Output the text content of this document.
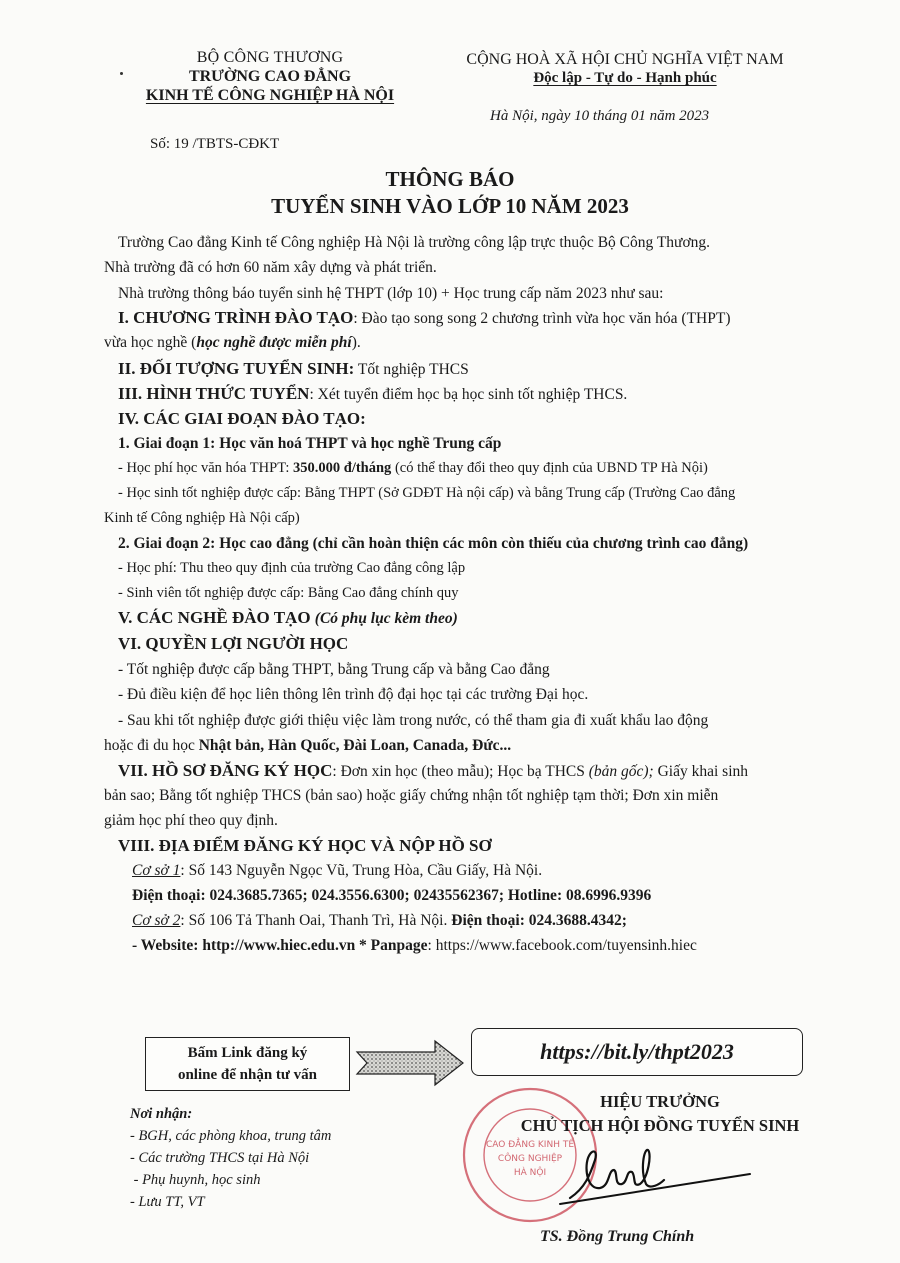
BỘ CÔNG THƯƠNG
TRƯỜNG CAO ĐẲNG
KINH TẾ CÔNG NGHIỆP HÀ NỘI
Số: 19 /TBTS-CĐKT
CỘNG HOÀ XÃ HỘI CHỦ NGHĨA VIỆT NAM
Độc lập - Tự do - Hạnh phúc
Hà Nội, ngày 10 tháng 01 năm 2023
THÔNG BÁO
TUYỂN SINH VÀO LỚP 10 NĂM 2023
Trường Cao đẳng Kinh tế Công nghiệp Hà Nội là trường công lập trực thuộc Bộ Công Thương.
Nhà trường đã có hơn 60 năm xây dựng và phát triển.
Nhà trường thông báo tuyển sinh hệ THPT (lớp 10) + Học trung cấp năm 2023 như sau:
I. CHƯƠNG TRÌNH ĐÀO TẠO: Đào tạo song song 2 chương trình vừa học văn hóa (THPT)
vừa học nghề (học nghề được miễn phí).
II. ĐỐI TƯỢNG TUYỂN SINH: Tốt nghiệp THCS
III. HÌNH THỨC TUYỂN: Xét tuyển điểm học bạ học sinh tốt nghiệp THCS.
IV. CÁC GIAI ĐOẠN ĐÀO TẠO:
1. Giai đoạn 1: Học văn hoá THPT và học nghề Trung cấp
- Học phí học văn hóa THPT: 350.000 đ/tháng (có thể thay đổi theo quy định của UBND TP Hà Nội)
- Học sinh tốt nghiệp được cấp: Bằng THPT (Sở GDĐT Hà nội cấp) và bằng Trung cấp (Trường Cao đẳng
Kinh tế Công nghiệp Hà Nội cấp)
2. Giai đoạn 2: Học cao đẳng (chỉ cần hoàn thiện các môn còn thiếu của chương trình cao đẳng)
- Học phí: Thu theo quy định của trường Cao đẳng công lập
- Sinh viên tốt nghiệp được cấp: Bằng Cao đẳng chính quy
V. CÁC NGHỀ ĐÀO TẠO (Có phụ lục kèm theo)
VI. QUYỀN LỢI NGƯỜI HỌC
- Tốt nghiệp được cấp bằng THPT, bằng Trung cấp và bằng Cao đẳng
- Đủ điều kiện để học liên thông lên trình độ đại học tại các trường Đại học.
- Sau khi tốt nghiệp được giới thiệu việc làm trong nước, có thể tham gia đi xuất khẩu lao động
hoặc đi du học Nhật bản, Hàn Quốc, Đài Loan, Canada, Đức...
VII. HỒ SƠ ĐĂNG KÝ HỌC: Đơn xin học (theo mẫu); Học bạ THCS (bản gốc); Giấy khai sinh
bản sao; Bằng tốt nghiệp THCS (bản sao) hoặc giấy chứng nhận tốt nghiệp tạm thời; Đơn xin miễn
giảm học phí theo quy định.
VIII. ĐỊA ĐIỂM ĐĂNG KÝ HỌC VÀ NỘP HỒ SƠ
Cơ sở 1: Số 143 Nguyễn Ngọc Vũ, Trung Hòa, Cầu Giấy, Hà Nội.
Điện thoại: 024.3685.7365; 024.3556.6300; 02435562367; Hotline: 08.6996.9396
Cơ sở 2: Số 106 Tả Thanh Oai, Thanh Trì, Hà Nội. Điện thoại: 024.3688.4342;
- Website: http://www.hiec.edu.vn * Panpage: https://www.facebook.com/tuyensinh.hiec
Bấm Link đăng ký
online để nhận tư vấn
https://bit.ly/thpt2023
Nơi nhận:
- BGH, các phòng khoa, trung tâm
- Các trường THCS tại Hà Nội
- Phụ huynh, học sinh
- Lưu TT, VT
CAO ĐẲNG KINH TẾ
CÔNG NGHIỆP
HÀ NỘI
HIỆU TRƯỞNG
CHỦ TỊCH HỘI ĐỒNG TUYỂN SINH
TS. Đồng Trung Chính
